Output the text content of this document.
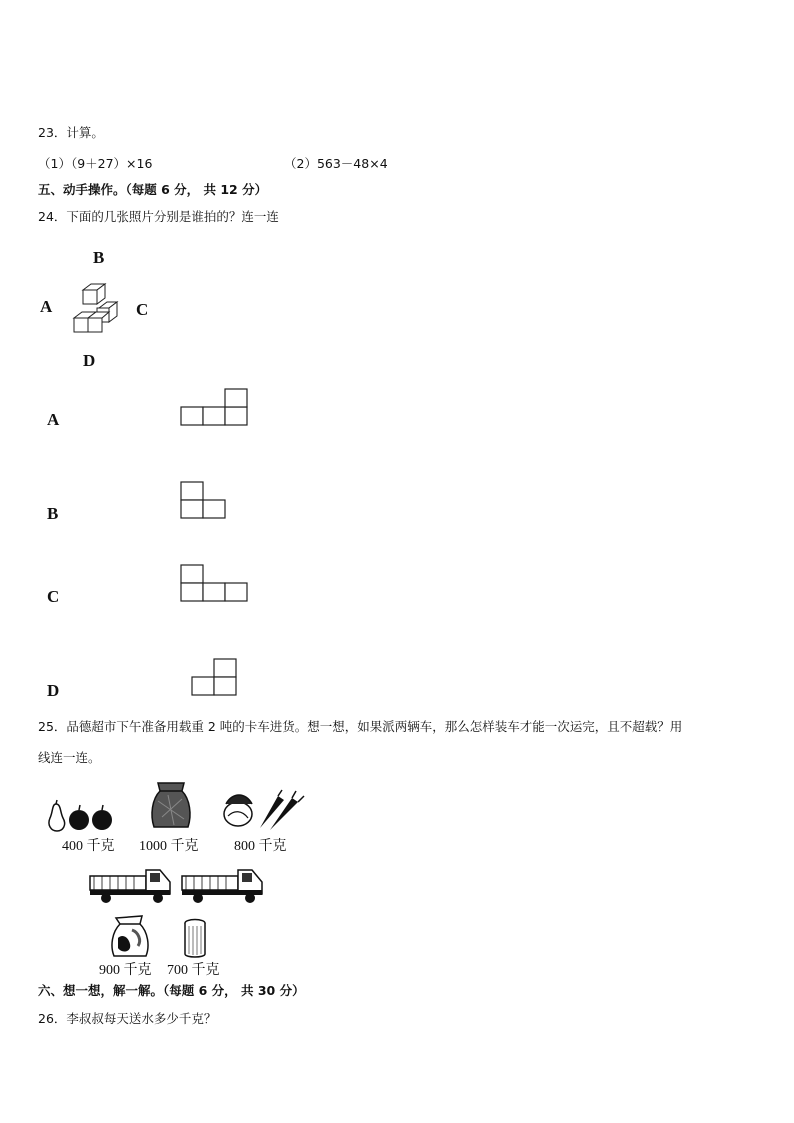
23．计算。
（1）（9＋27）×16	（2）563－48×4
五、动手操作。（每题 6 分， 共 12 分）
24．下面的几张照片分别是谁拍的？连一连
B
A	C
D
A
B
C
D
25．品德超市下午准备用载重 2 吨的卡车进货。想一想，如果派两辆车，那么怎样装车才能一次运完，且不超载？用
线连一连。
400 千克 1000 千克	800 千克
900 千克 700 千克
六、想一想，解一解。（每题 6 分， 共 30 分）
26．李叔叔每天送水多少千克？
